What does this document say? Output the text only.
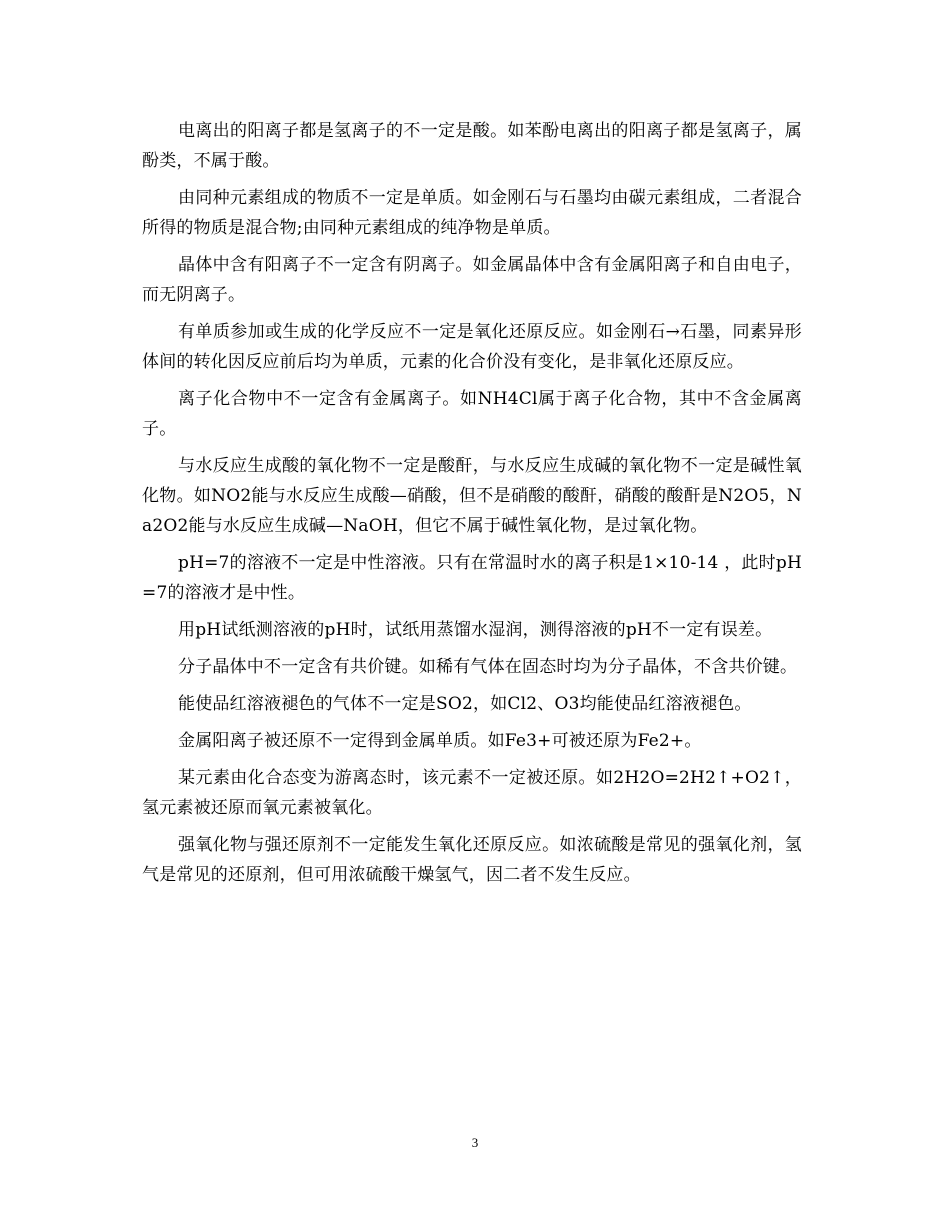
电离出的阳离子都是氢离子的不一定是酸。如苯酚电离出的阳离子都是氢离子，属酚类，不属于酸。

由同种元素组成的物质不一定是单质。如金刚石与石墨均由碳元素组成，二者混合所得的物质是混合物;由同种元素组成的纯净物是单质。

晶体中含有阳离子不一定含有阴离子。如金属晶体中含有金属阳离子和自由电子，而无阴离子。

有单质参加或生成的化学反应不一定是氧化还原反应。如金刚石→石墨，同素异形体间的转化因反应前后均为单质，元素的化合价没有变化，是非氧化还原反应。

离子化合物中不一定含有金属离子。如NH4Cl属于离子化合物，其中不含金属离子。

与水反应生成酸的氧化物不一定是酸酐，与水反应生成碱的氧化物不一定是碱性氧化物。如NO2能与水反应生成酸—硝酸，但不是硝酸的酸酐，硝酸的酸酐是N2O5，Na2O2能与水反应生成碱—NaOH，但它不属于碱性氧化物，是过氧化物。

pH=7的溶液不一定是中性溶液。只有在常温时水的离子积是1×10-14 ，此时pH=7的溶液才是中性。

用pH试纸测溶液的pH时，试纸用蒸馏水湿润，测得溶液的pH不一定有误差。

分子晶体中不一定含有共价键。如稀有气体在固态时均为分子晶体，不含共价键。

能使品红溶液褪色的气体不一定是SO2，如Cl2、O3均能使品红溶液褪色。

金属阳离子被还原不一定得到金属单质。如Fe3+可被还原为Fe2+。

某元素由化合态变为游离态时，该元素不一定被还原。如2H2O=2H2↑+O2↑，氢元素被还原而氧元素被氧化。

强氧化物与强还原剂不一定能发生氧化还原反应。如浓硫酸是常见的强氧化剂，氢气是常见的还原剂，但可用浓硫酸干燥氢气，因二者不发生反应。

3
